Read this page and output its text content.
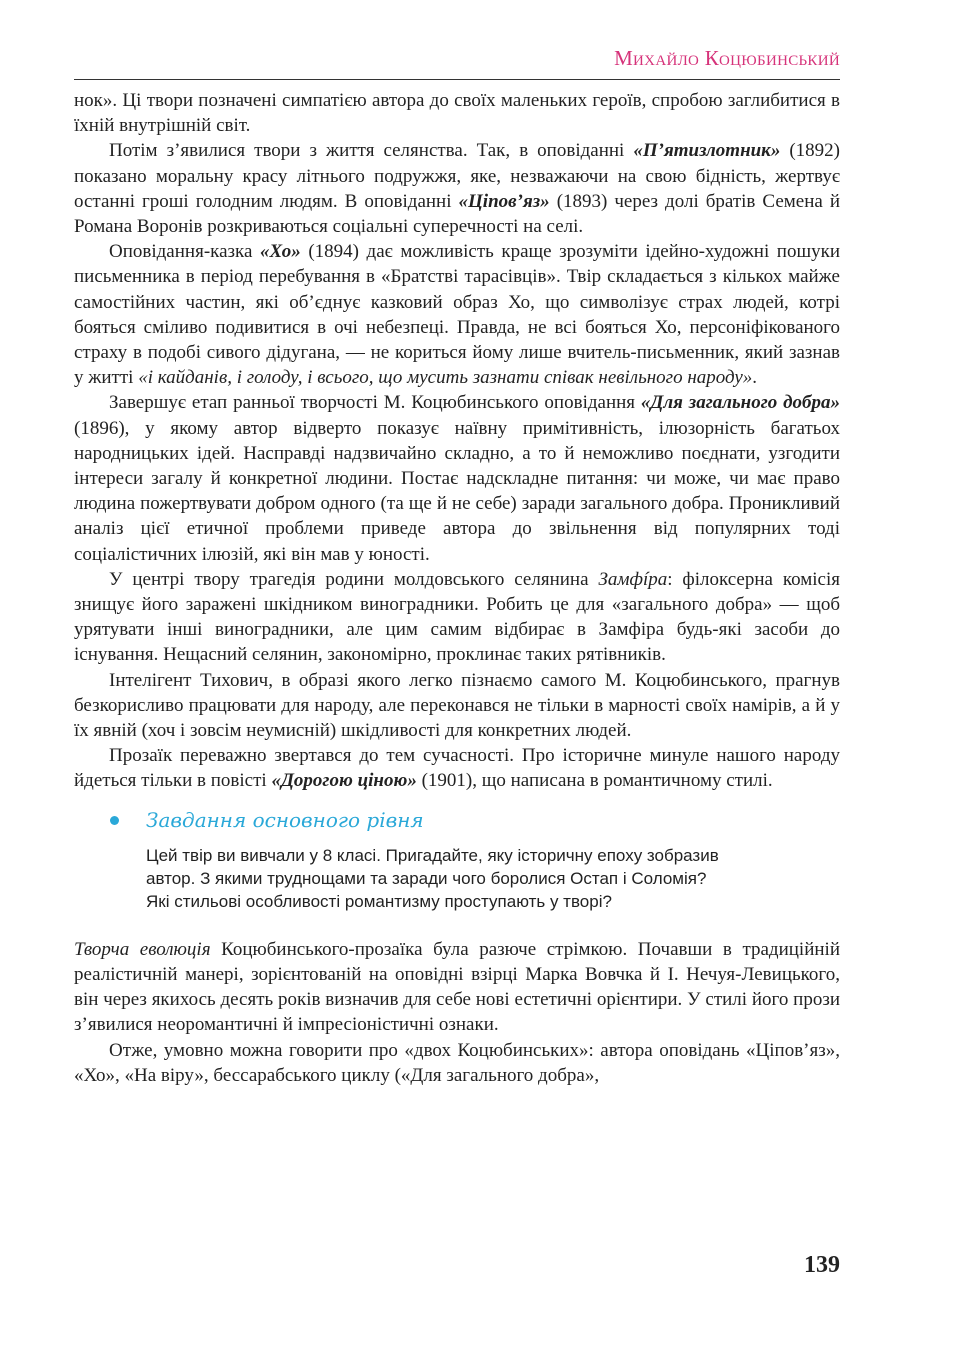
Михайло Коцюбинський

нок». Ці твори позначені симпатією автора до своїх маленьких героїв, спробою заглибитися в їхній внутрішній світ.

Потім з’явилися твори з життя селянства. Так, в оповіданні «П’ятизлотник» (1892) показано моральну красу літнього подружжя, яке, незважаючи на свою бідність, жертвує останні гроші голодним людям. В оповіданні «Ціпов’яз» (1893) через долі братів Семена й Романа Воронів розкриваються соціальні суперечності на селі.

Оповідання-казка «Хо» (1894) дає можливість краще зрозуміти ідейно-художні пошуки письменника в період перебування в «Братстві тарасівців». Твір складається з кількох майже самостійних частин, які об’єднує казковий образ Хо, що символізує страх людей, котрі бояться сміливо подивитися в очі небезпеці. Правда, не всі бояться Хо, персоніфікованого страху в подобі сивого дідугана, — не кориться йому лише вчитель-письменник, який зазнав у житті «і кайданів, і голоду, і всього, що мусить зазнати співак невільного народу».

Завершує етап ранньої творчості М. Коцюбинського оповідання «Для загального добра» (1896), у якому автор відверто показує наївну примітивність, ілюзорність багатьох народницьких ідей. Насправді надзвичайно складно, а то й неможливо поєднати, узгодити інтереси загалу й конкретної людини. Постає надскладне питання: чи може, чи має право людина пожертвувати добром одного (та ще й не себе) заради загального добра. Проникливий аналіз цієї етичної проблеми приведе автора до звільнення від популярних тоді соціалістичних ілюзій, які він мав у юності.

У центрі твору трагедія родини молдовського селянина Замфíра: філоксерна комісія знищує його заражені шкідником виноградники. Робить це для «загального добра» — щоб урятувати інші виноградники, але цим самим відбирає в Замфіра будь-які засоби до існування. Нещасний селянин, закономірно, проклинає таких рятівників.

Інтелігент Тихович, в образі якого легко пізнаємо самого М. Коцюбинського, прагнув безкорисливо працювати для народу, але переконався не тільки в марності своїх намірів, а й у їх явній (хоч і зовсім неумисній) шкідливості для конкретних людей.

Прозаїк переважно звертався до тем сучасності. Про історичне минуле нашого народу йдеться тільки в повісті «Дорогою ціною» (1901), що написана в романтичному стилі.

Завдання основного рівня
Цей твір ви вивчали у 8 класі. Пригадайте, яку історичну епоху зобразив
автор. З якими труднощами та заради чого боролися Остап і Соломія?
Які стильові особливості романтизму проступають у творі?

Творча еволюція Коцюбинського-прозаїка була разюче стрімкою. Почавши в традиційній реалістичній манері, зорієнтованій на оповідні взірці Марка Вовчка й І. Нечуя-Левицького, він через якихось десять років визначив для себе нові естетичні орієнтири. У стилі його прози з’явилися неоромантичні й імпресіоністичні ознаки.

Отже, умовно можна говорити про «двох Коцюбинських»: автора оповідань «Ціпов’яз», «Хо», «На віру», бессарабського циклу («Для загального добра»,

139
